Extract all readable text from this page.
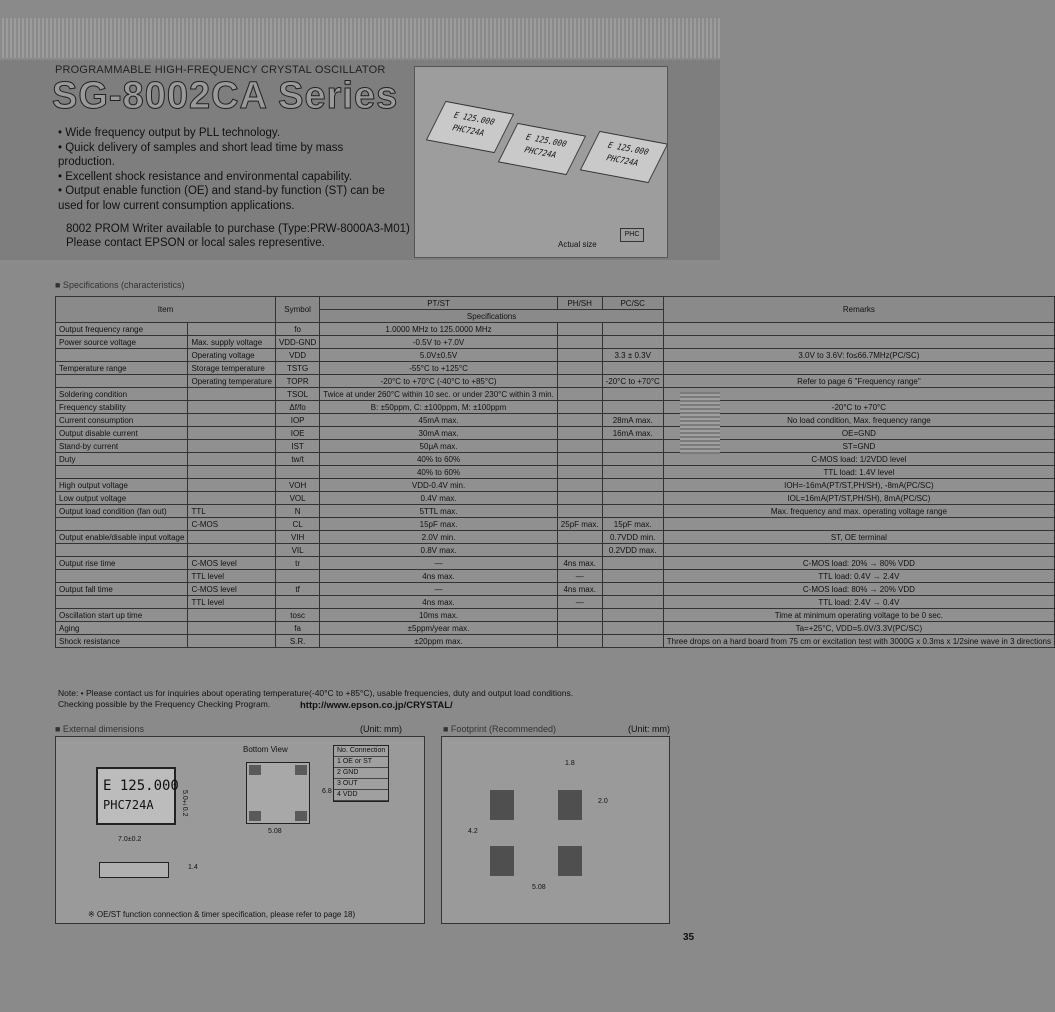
PROGRAMMABLE HIGH-FREQUENCY CRYSTAL OSCILLATOR
SG-8002CA Series
• Wide frequency output by PLL technology.
• Quick delivery of samples and short lead time by mass
production.
• Excellent shock resistance and environmental capability.
• Output enable function (OE) and stand-by function (ST) can be
used for low current consumption applications.
8002 PROM Writer available to purchase (Type:PRW-8000A3-M01)
Please contact EPSON or local sales representive.
E 125.000
PHC724A
E 125.000
PHC724A	E 125.000
PHC724A
Actual size
PHC
■ Specifications (characteristics)
Item		Symbol	PT/ST	PH/SH	PC/SC	Remarks
			Specifications			
Output frequency range		fo	1.0000 MHz to 125.0000 MHz			
Power source voltage	Max. supply voltage	VDD-GND	-0.5V to +7.0V			
	Operating voltage	VDD	5.0V±0.5V		3.3 ± 0.3V	3.0V to 3.6V: fo≤66.7MHz(PC/SC)
Temperature range	Storage temperature	TSTG	-55°C to +125°C			
	Operating temperature	TOPR	-20°C to +70°C (-40°C to +85°C)		-20°C to +70°C	Refer to page 6 "Frequency range"
Soldering condition		TSOL	Twice at under 260°C within 10 sec. or under 230°C within 3 min.			
Frequency stability		Δf/fo	B: ±50ppm, C: ±100ppm, M: ±100ppm			-20°C to +70°C
Current consumption		IOP	45mA max.		28mA max.	No load condition, Max. frequency range
Output disable current		IOE	30mA max.		16mA max.	OE=GND
Stand-by current		IST	50μA max.			ST=GND
Duty		tw/t	40% to 60%			C-MOS load: 1/2VDD level
			40% to 60%			TTL load: 1.4V level
High output voltage		VOH	VDD-0.4V min.			IOH=-16mA(PT/ST,PH/SH), -8mA(PC/SC)
Low output voltage		VOL	0.4V max.			IOL=16mA(PT/ST,PH/SH), 8mA(PC/SC)
Output load condition (fan out)	TTL	N	5TTL max.			Max. frequency and max. operating voltage range
	C-MOS	CL	15pF max.	25pF max.	15pF max.	
Output enable/disable input voltage		VIH	2.0V min.		0.7VDD min.	ST, OE terminal
		VIL	0.8V max.		0.2VDD max.	
Output rise time	C-MOS level	tr	—	4ns max.		C-MOS load: 20% → 80% VDD
	TTL level		4ns max.	—		TTL load: 0.4V → 2.4V
Output fall time	C-MOS level	tf	—	4ns max.		C-MOS load: 80% → 20% VDD
	TTL level		4ns max.	—		TTL load: 2.4V → 0.4V
Oscillation start up time		tosc	10ms max.			Time at minimum operating voltage to be 0 sec.
Aging		fa	±5ppm/year max.			Ta=+25°C, VDD=5.0V/3.3V(PC/SC)
Shock resistance		S.R.	±20ppm max.			Three drops on a hard board from 75 cm or excitation test with 3000G x 0.3ms x 1/2sine wave in 3 directions
Note: • Please contact us for inquiries about operating temperature(-40°C to +85°C), usable frequencies, duty and output load conditions.
Checking possible by the Frequency Checking Program.	http://www.epson.co.jp/CRYSTAL/
■ External dimensions	(Unit: mm)
E 125.000
PHC724A
7.0±0.2
5.0±0.2
Bottom View
5.08
6.8
No. Connection
1 OE or ST
2 GND
3 OUT
4 VDD
1.4
※ OE/ST function connection & timer specification, please refer to page 18)
■ Footprint (Recommended)	(Unit: mm)
1.8
2.0
4.2
5.08
35
